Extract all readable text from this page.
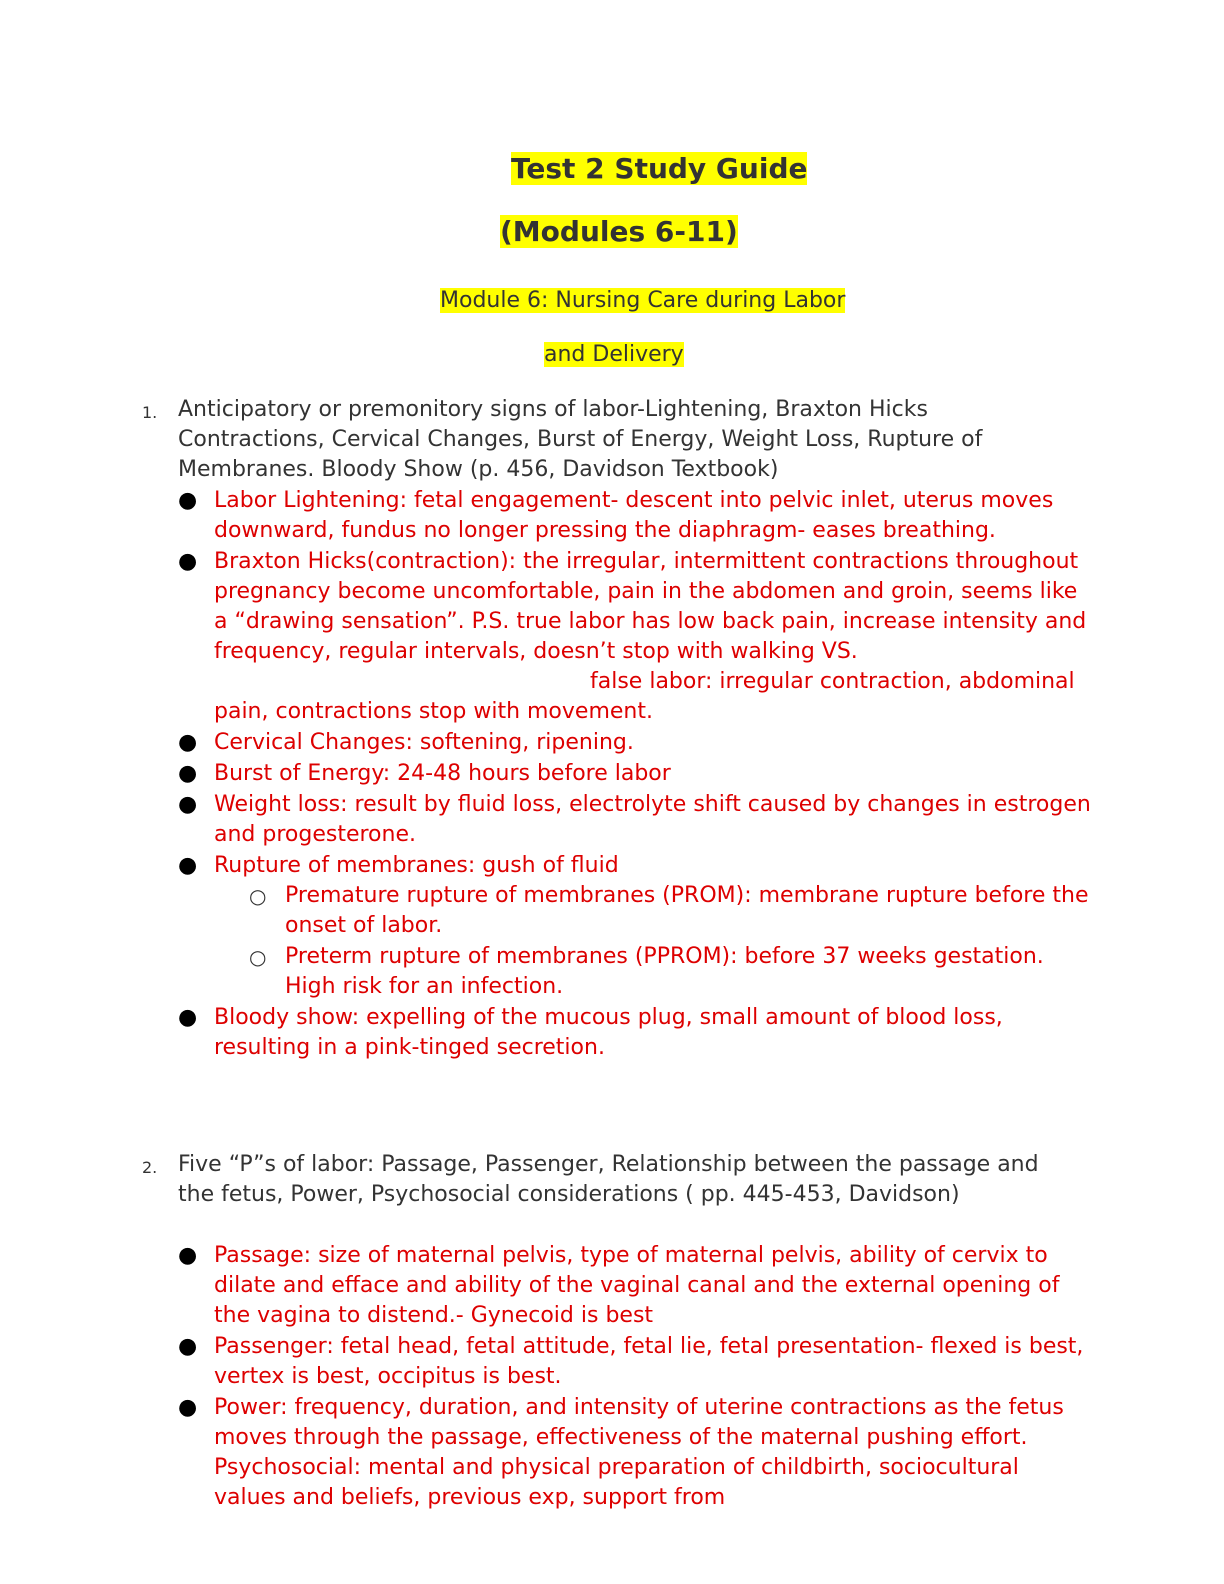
Test 2 Study Guide
(Modules 6-11)
Module 6: Nursing Care during Labor
and Delivery
1. Anticipatory or premonitory signs of labor-Lightening, Braxton Hicks Contractions, Cervical Changes, Burst of Energy, Weight Loss, Rupture of Membranes. Bloody Show (p. 456, Davidson Textbook)
● Labor Lightening: fetal engagement- descent into pelvic inlet, uterus moves downward, fundus no longer pressing the diaphragm- eases breathing.
● Braxton Hicks(contraction): the irregular, intermittent contractions throughout pregnancy become uncomfortable, pain in the abdomen and groin, seems like a “drawing sensation”. P.S. true labor has low back pain, increase intensity and frequency, regular intervals, doesn’t stop with walking VS.false labor: irregular contraction, abdominal pain, contractions stop with movement.
● Cervical Changes: softening, ripening.
● Burst of Energy: 24-48 hours before labor
● Weight loss: result by fluid loss, electrolyte shift caused by changes in estrogen and progesterone.
● Rupture of membranes: gush of fluid
○ Premature rupture of membranes (PROM): membrane rupture before the onset of labor.
○ Preterm rupture of membranes (PPROM): before 37 weeks gestation. High risk for an infection.
● Bloody show: expelling of the mucous plug, small amount of blood loss, resulting in a pink-tinged secretion.
2. Five “P”s of labor: Passage, Passenger, Relationship between the passage and the fetus, Power, Psychosocial considerations ( pp. 445-453, Davidson)
● Passage: size of maternal pelvis, type of maternal pelvis, ability of cervix to dilate and efface and ability of the vaginal canal and the external opening of the vagina to distend.- Gynecoid is best
● Passenger: fetal head, fetal attitude, fetal lie, fetal presentation- flexed is best, vertex is best, occipitus is best.
● Power: frequency, duration, and intensity of uterine contractions as the fetus moves through the passage, effectiveness of the maternal pushing effort. Psychosocial: mental and physical preparation of childbirth, sociocultural values and beliefs, previous exp, support from
